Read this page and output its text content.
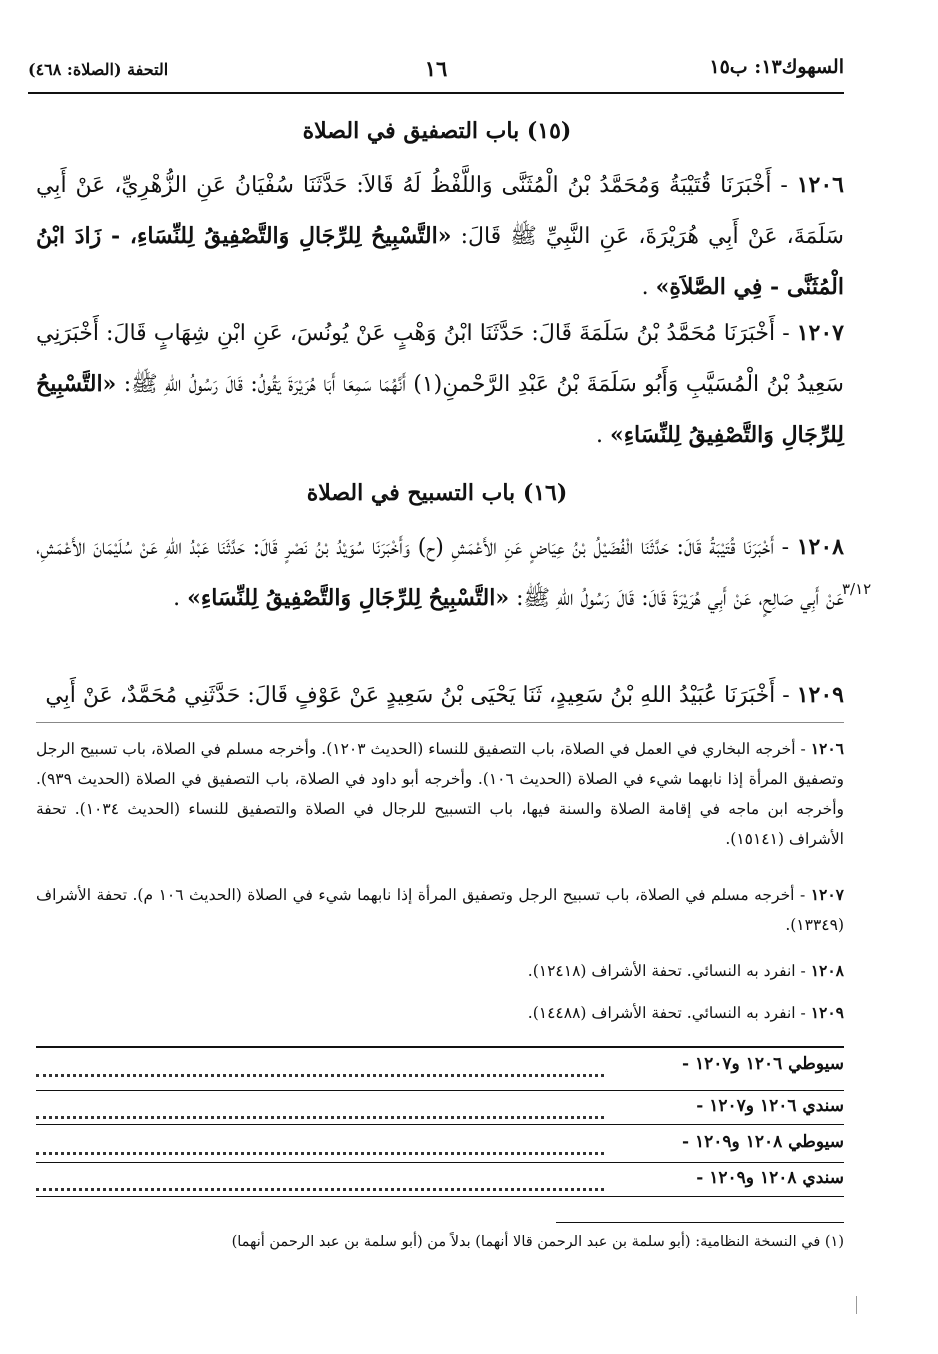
السهوك١٣: ب١٥
١٦
التحفة (الصلاة: ٤٦٨)
(١٥) باب التصفيق في الصلاة
١٢٠٦ - أَخْبَرَنَا قُتَيْبَةُ وَمُحَمَّدُ بْنُ الْمُثَنَّى وَاللَّفْظُ لَهُ قَالاَ: حَدَّثَنَا سُفْيَانُ عَنِ الزُّهْرِيِّ، عَنْ أَبِي سَلَمَةَ، عَنْ أَبِي هُرَيْرَةَ، عَنِ النَّبِيِّ ﷺ قَالَ: «التَّسْبِيحُ لِلرِّجَالِ وَالتَّصْفِيقُ لِلنِّسَاءِ، - زَادَ ابْنُ الْمُثَنَّى - فِي الصَّلاَةِ» .
١٢٠٧ - أَخْبَرَنَا مُحَمَّدُ بْنُ سَلَمَةَ قَالَ: حَدَّثَنَا ابْنُ وَهْبٍ عَنْ يُونُسَ، عَنِ ابْنِ شِهَابٍ قَالَ: أَخْبَرَنِي سَعِيدُ بْنُ الْمُسَيَّبِ وَأَبُو سَلَمَةَ بْنُ عَبْدِ الرَّحْمنِ(١) أَنَّهُمَا سَمِعَا أَبَا هُرَيْرَةَ يَقُولُ: قَالَ رَسُولُ اللهِ ﷺ: «التَّسْبِيحُ لِلرِّجَالِ وَالتَّصْفِيقُ لِلنِّسَاءِ» .
(١٦) باب التسبيح في الصلاة
١٢٠٨ - أَخْبَرَنَا قُتَيْبَةُ قَالَ: حَدَّثَنَا الْفُضَيْلُ بْنُ عِيَاضٍ عَنِ الأَعْمَشِ (ح) وَأَخْبَرَنَا سُوَيْدُ بْنُ نَصْرٍ قَالَ: حَدَّثَنَا عَبْدُ اللهِ عَنْ سُلَيْمَانَ الأَعْمَشِ، عَنْ أَبِي صَالِحٍ، عَنْ أَبِي هُرَيْرَةَ قَالَ: قَالَ رَسُولُ اللهِ ﷺ: «التَّسْبِيحُ لِلرِّجَالِ وَالتَّصْفِيقُ لِلنِّسَاءِ» .	٣/١٢
١٢٠٩ - أَخْبَرَنَا عُبَيْدُ اللهِ بْنُ سَعِيدٍ، ثَنَا يَحْيَى بْنُ سَعِيدٍ عَنْ عَوْفٍ قَالَ: حَدَّثَنِي مُحَمَّدٌ، عَنْ أَبِي
١٢٠٦ - أخرجه البخاري في العمل في الصلاة، باب التصفيق للنساء (الحديث ١٢٠٣). وأخرجه مسلم في الصلاة، باب تسبيح الرجل وتصفيق المرأة إذا نابهما شيء في الصلاة (الحديث ١٠٦). وأخرجه أبو داود في الصلاة، باب التصفيق في الصلاة (الحديث ٩٣٩). وأخرجه ابن ماجه في إقامة الصلاة والسنة فيها، باب التسبيح للرجال في الصلاة والتصفيق للنساء (الحديث ١٠٣٤). تحفة الأشراف (١٥١٤١).
١٢٠٧ - أخرجه مسلم في الصلاة، باب تسبيح الرجل وتصفيق المرأة إذا نابهما شيء في الصلاة (الحديث ١٠٦ م). تحفة الأشراف (١٣٣٤٩).
١٢٠٨ - انفرد به النسائي. تحفة الأشراف (١٢٤١٨).
١٢٠٩ - انفرد به النسائي. تحفة الأشراف (١٤٤٨٨).
سيوطي ١٢٠٦ و١٢٠٧ -
سندي ١٢٠٦ و١٢٠٧ -
سيوطي ١٢٠٨ و١٢٠٩ -
سندي ١٢٠٨ و١٢٠٩ -
(١) في النسخة النظامية: (أبو سلمة بن عبد الرحمن قالا أنهما) بدلاً من (أبو سلمة بن عبد الرحمن أنهما)
